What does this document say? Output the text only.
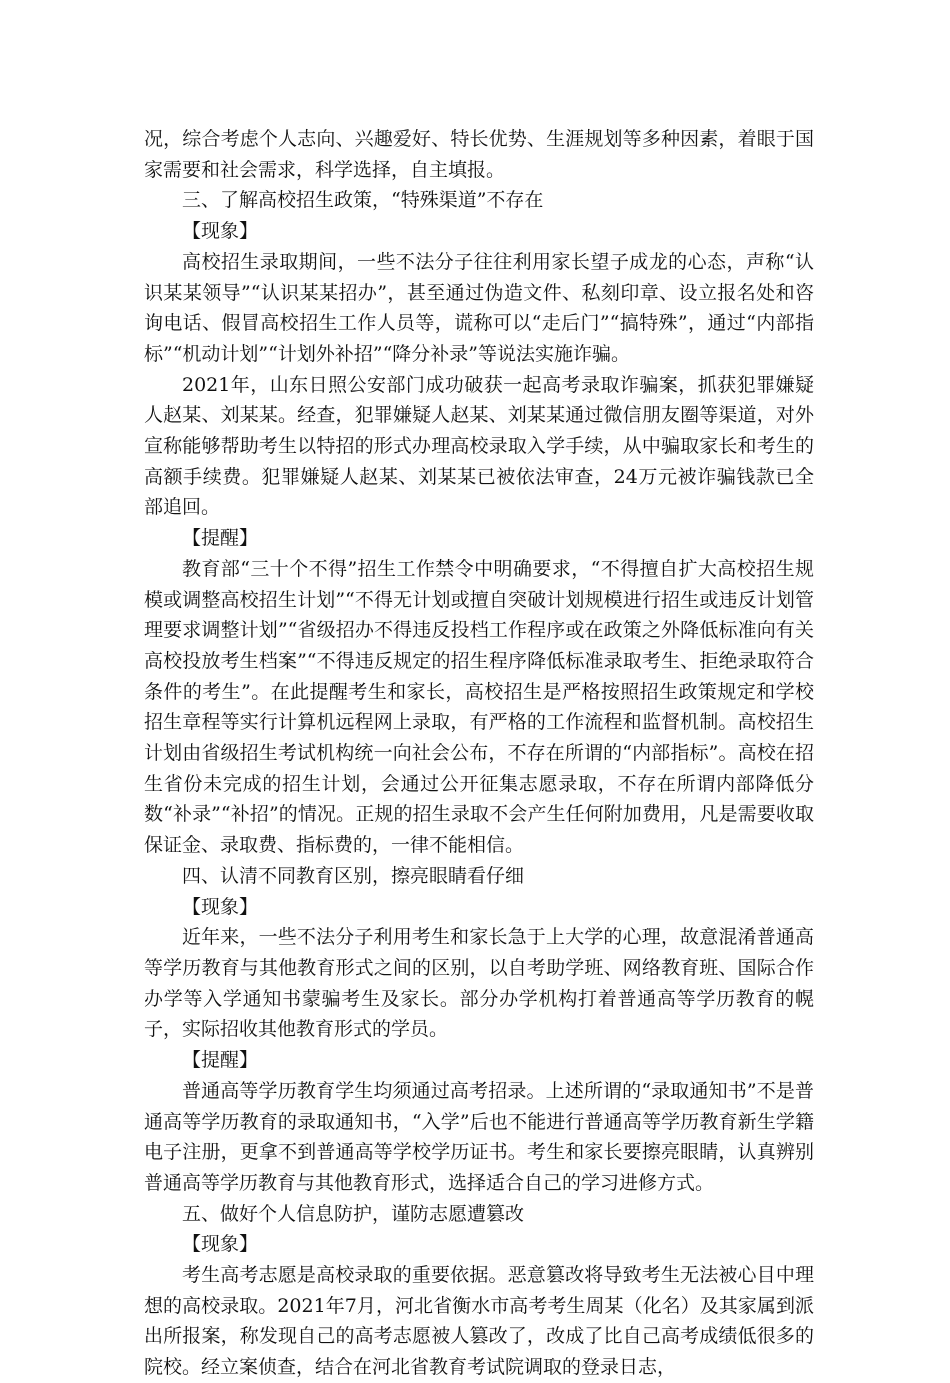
况，综合考虑个人志向、兴趣爱好、特长优势、生涯规划等多种因素，着眼于国家需要和社会需求，科学选择，自主填报。

三、了解高校招生政策，“特殊渠道”不存在

【现象】

高校招生录取期间，一些不法分子往往利用家长望子成龙的心态，声称“认识某某领导”“认识某某招办”，甚至通过伪造文件、私刻印章、设立报名处和咨询电话、假冒高校招生工作人员等，谎称可以“走后门”“搞特殊”，通过“内部指标”“机动计划”“计划外补招”“降分补录”等说法实施诈骗。

2021年，山东日照公安部门成功破获一起高考录取诈骗案，抓获犯罪嫌疑人赵某、刘某某。经查，犯罪嫌疑人赵某、刘某某通过微信朋友圈等渠道，对外宣称能够帮助考生以特招的形式办理高校录取入学手续，从中骗取家长和考生的高额手续费。犯罪嫌疑人赵某、刘某某已被依法审查，24万元被诈骗钱款已全部追回。

【提醒】

教育部“三十个不得”招生工作禁令中明确要求，“不得擅自扩大高校招生规模或调整高校招生计划”“不得无计划或擅自突破计划规模进行招生或违反计划管理要求调整计划”“省级招办不得违反投档工作程序或在政策之外降低标准向有关高校投放考生档案”“不得违反规定的招生程序降低标准录取考生、拒绝录取符合条件的考生”。在此提醒考生和家长，高校招生是严格按照招生政策规定和学校招生章程等实行计算机远程网上录取，有严格的工作流程和监督机制。高校招生计划由省级招生考试机构统一向社会公布，不存在所谓的“内部指标”。高校在招生省份未完成的招生计划，会通过公开征集志愿录取，不存在所谓内部降低分数“补录”“补招”的情况。正规的招生录取不会产生任何附加费用，凡是需要收取保证金、录取费、指标费的，一律不能相信。

四、认清不同教育区别，擦亮眼睛看仔细

【现象】

近年来，一些不法分子利用考生和家长急于上大学的心理，故意混淆普通高等学历教育与其他教育形式之间的区别，以自考助学班、网络教育班、国际合作办学等入学通知书蒙骗考生及家长。部分办学机构打着普通高等学历教育的幌子，实际招收其他教育形式的学员。

【提醒】

普通高等学历教育学生均须通过高考招录。上述所谓的“录取通知书”不是普通高等学历教育的录取通知书，“入学”后也不能进行普通高等学历教育新生学籍电子注册，更拿不到普通高等学校学历证书。考生和家长要擦亮眼睛，认真辨别普通高等学历教育与其他教育形式，选择适合自己的学习进修方式。

五、做好个人信息防护，谨防志愿遭篡改

【现象】

考生高考志愿是高校录取的重要依据。恶意篡改将导致考生无法被心目中理想的高校录取。2021年7月，河北省衡水市高考考生周某（化名）及其家属到派出所报案，称发现自己的高考志愿被人篡改了，改成了比自己高考成绩低很多的院校。经立案侦查，结合在河北省教育考试院调取的登录日志，
